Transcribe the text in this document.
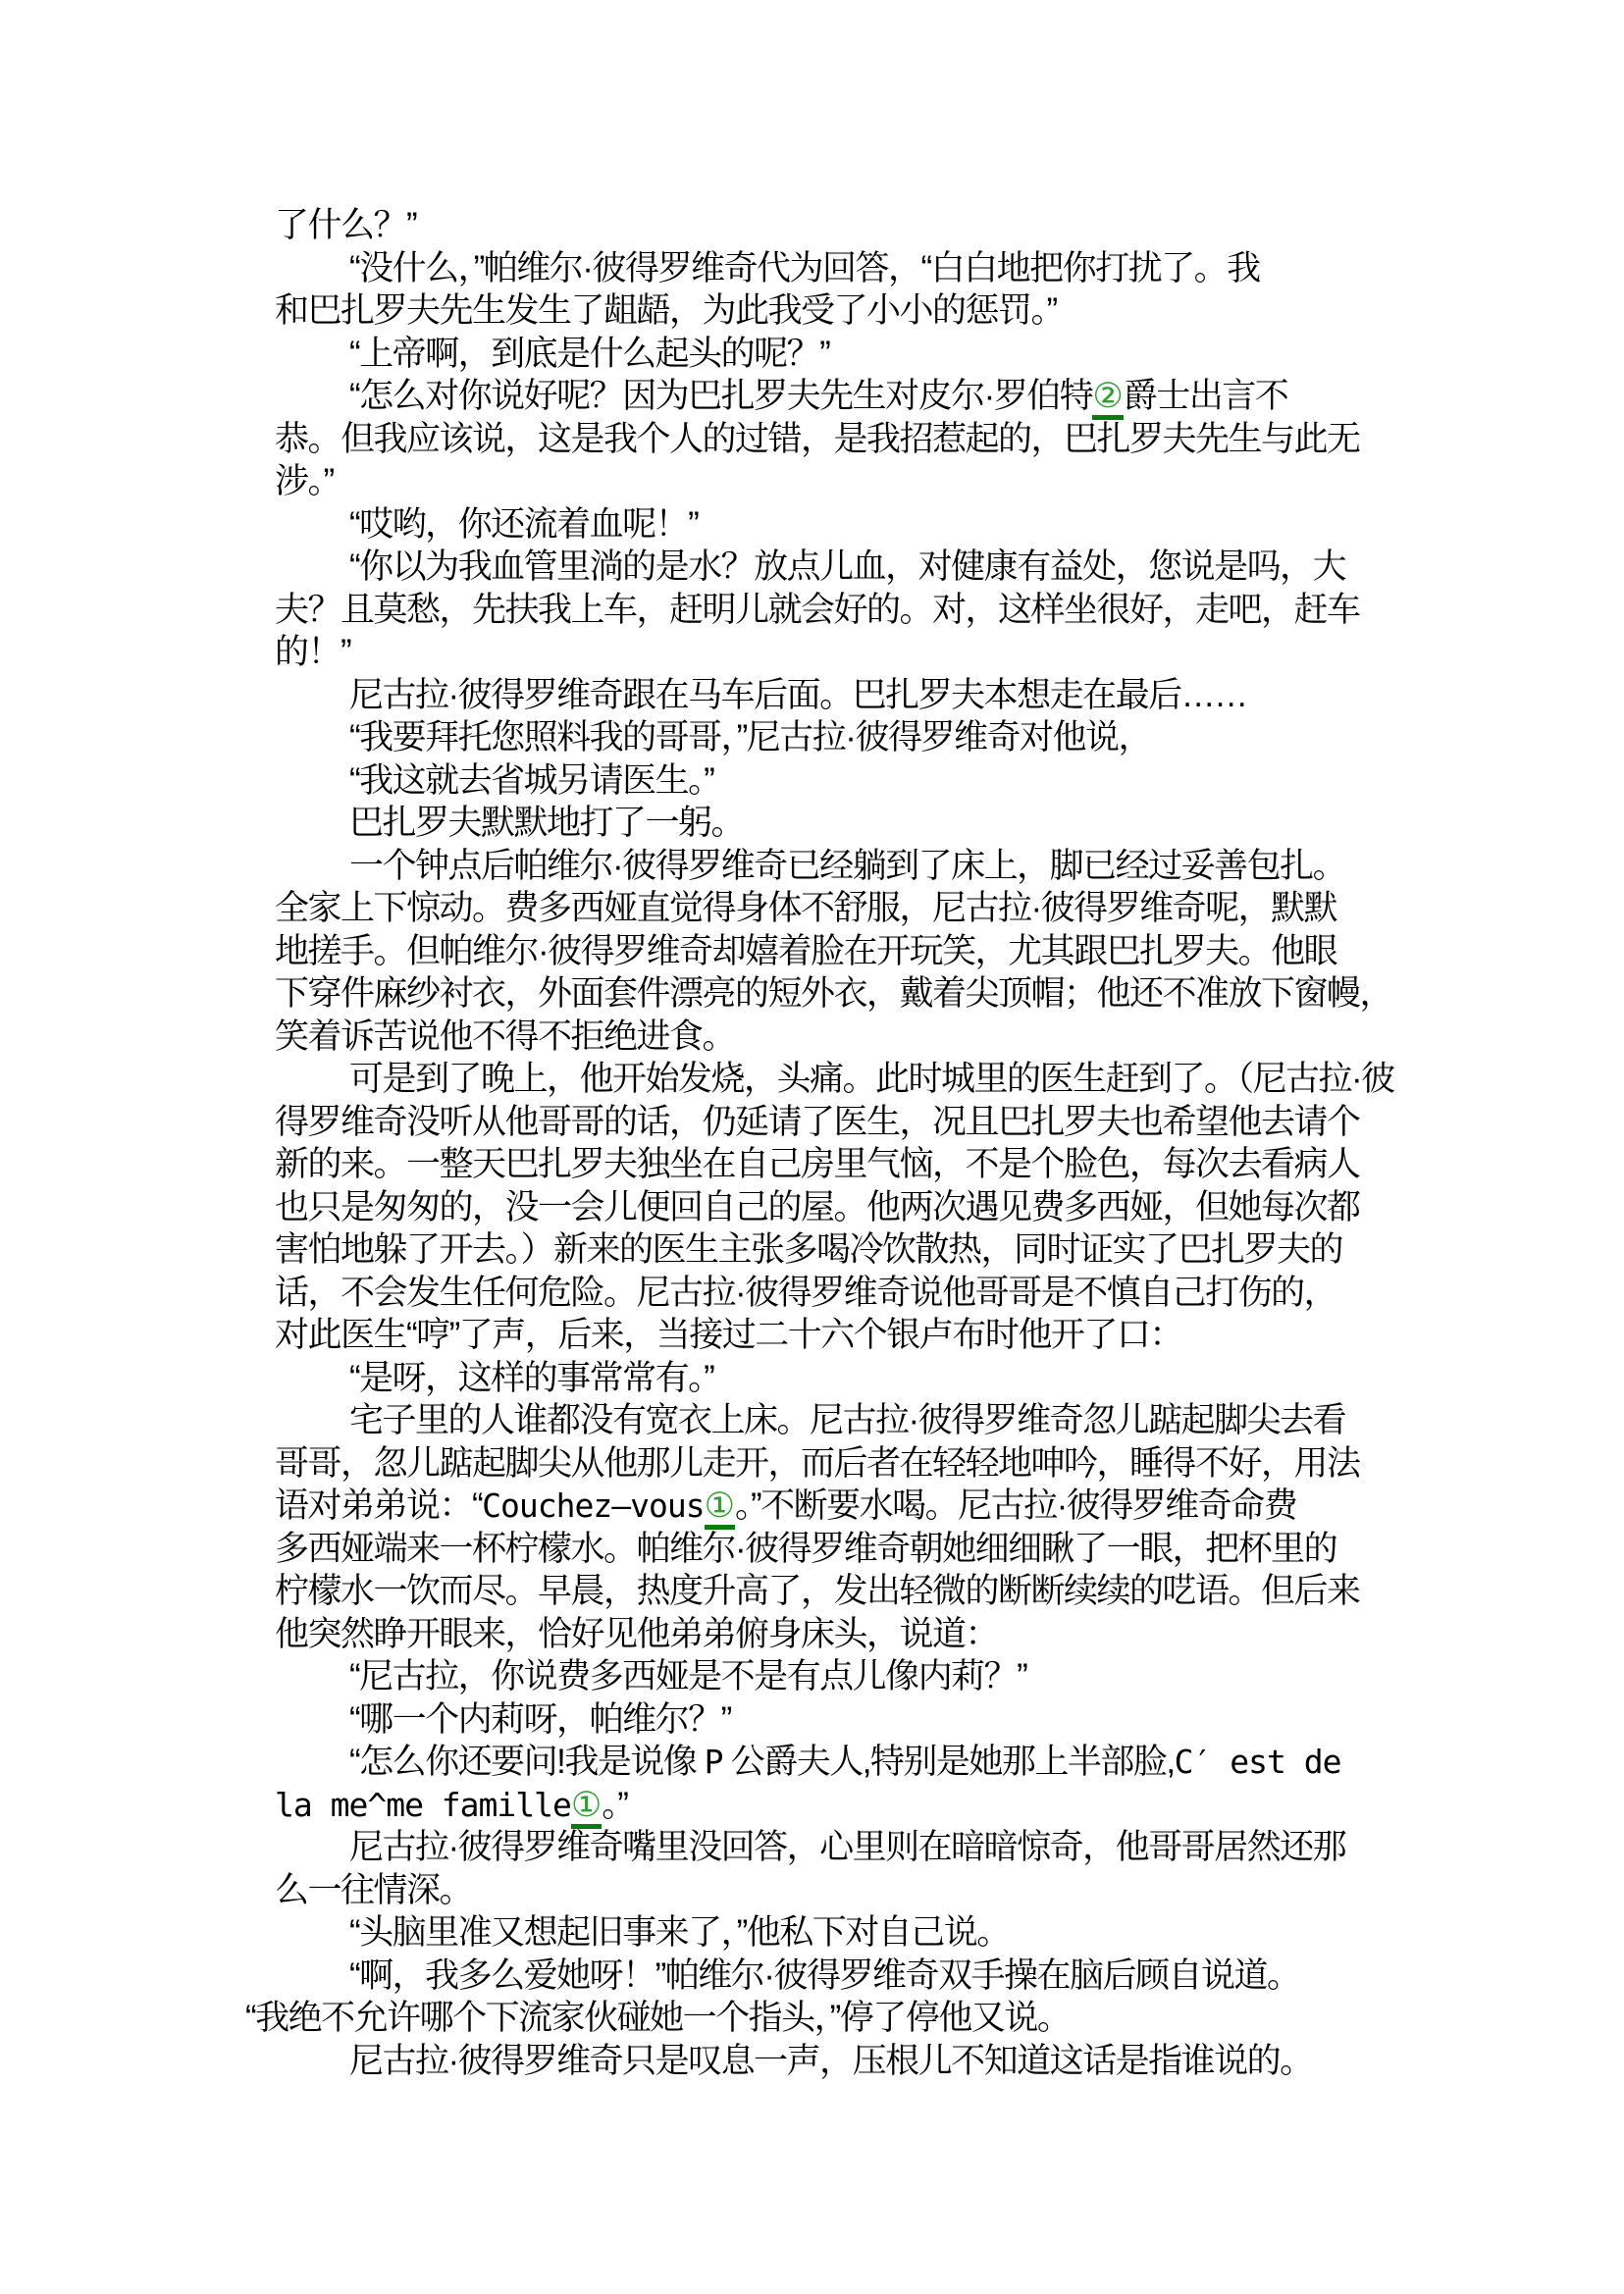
了什么？”
“没什么，”帕维尔·彼得罗维奇代为回答，“白白地把你打扰了。我
和巴扎罗夫先生发生了龃龉，为此我受了小小的惩罚。”
“上帝啊，到底是什么起头的呢？”
“怎么对你说好呢？因为巴扎罗夫先生对皮尔·罗伯特②爵士出言不
恭。但我应该说，这是我个人的过错，是我招惹起的，巴扎罗夫先生与此无
涉。”
“哎哟，你还流着血呢！”
“你以为我血管里淌的是水？放点儿血，对健康有益处，您说是吗，大
夫？且莫愁，先扶我上车，赶明儿就会好的。对，这样坐很好，走吧，赶车
的！”
尼古拉·彼得罗维奇跟在马车后面。巴扎罗夫本想走在最后……
“我要拜托您照料我的哥哥，”尼古拉·彼得罗维奇对他说，
“我这就去省城另请医生。”
巴扎罗夫默默地打了一躬。
一个钟点后帕维尔·彼得罗维奇已经躺到了床上，脚已经过妥善包扎。
全家上下惊动。费多西娅直觉得身体不舒服，尼古拉·彼得罗维奇呢，默默
地搓手。但帕维尔·彼得罗维奇却嬉着脸在开玩笑，尤其跟巴扎罗夫。他眼
下穿件麻纱衬衣，外面套件漂亮的短外衣，戴着尖顶帽；他还不准放下窗幔，
笑着诉苦说他不得不拒绝进食。
可是到了晚上，他开始发烧，头痛。此时城里的医生赶到了。（尼古拉·彼
得罗维奇没听从他哥哥的话，仍延请了医生，况且巴扎罗夫也希望他去请个
新的来。一整天巴扎罗夫独坐在自己房里气恼，不是个脸色，每次去看病人
也只是匆匆的，没一会儿便回自己的屋。他两次遇见费多西娅，但她每次都
害怕地躲了开去。）新来的医生主张多喝冷饮散热，同时证实了巴扎罗夫的
话，不会发生任何危险。尼古拉·彼得罗维奇说他哥哥是不慎自己打伤的，
对此医生“哼”了声，后来，当接过二十六个银卢布时他开了口：
“是呀，这样的事常常有。”
宅子里的人谁都没有宽衣上床。尼古拉·彼得罗维奇忽儿踮起脚尖去看
哥哥，忽儿踮起脚尖从他那儿走开，而后者在轻轻地呻吟，睡得不好，用法
语对弟弟说：“Couchez—vous①。”不断要水喝。尼古拉·彼得罗维奇命费
多西娅端来一杯柠檬水。帕维尔·彼得罗维奇朝她细细瞅了一眼，把杯里的
柠檬水一饮而尽。早晨，热度升高了，发出轻微的断断续续的呓语。但后来
他突然睁开眼来，恰好见他弟弟俯身床头，说道：
“尼古拉，你说费多西娅是不是有点儿像内莉？”
“哪一个内莉呀，帕维尔？”
“怎么你还要问!我是说像 P 公爵夫人,特别是她那上半部脸,C′ est de
la me^me famille①。”
尼古拉·彼得罗维奇嘴里没回答，心里则在暗暗惊奇，他哥哥居然还那
么一往情深。
“头脑里准又想起旧事来了，”他私下对自己说。
“啊，我多么爱她呀！”帕维尔·彼得罗维奇双手操在脑后顾自说道。
“我绝不允许哪个下流家伙碰她一个指头，”停了停他又说。
尼古拉·彼得罗维奇只是叹息一声，压根儿不知道这话是指谁说的。
